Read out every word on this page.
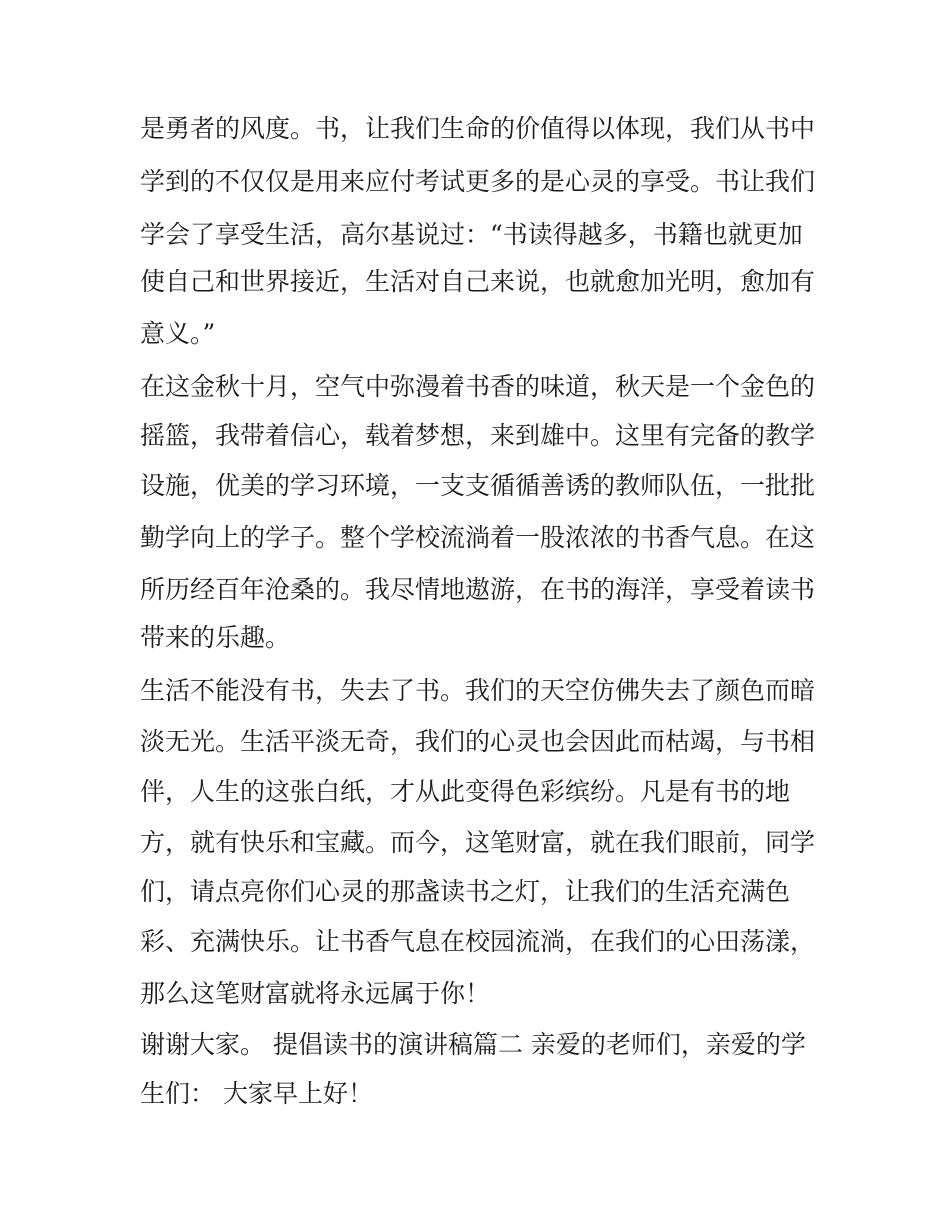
是勇者的风度。书，让我们生命的价值得以体现，我们从书中
学到的不仅仅是用来应付考试更多的是心灵的享受。书让我们
学会了享受生活，高尔基说过：“书读得越多，书籍也就更加
使自己和世界接近，生活对自己来说，也就愈加光明，愈加有
意义。”
在这金秋十月，空气中弥漫着书香的味道，秋天是一个金色的
摇篮，我带着信心，载着梦想，来到雄中。这里有完备的教学
设施，优美的学习环境，一支支循循善诱的教师队伍，一批批
勤学向上的学子。整个学校流淌着一股浓浓的书香气息。在这
所历经百年沧桑的。我尽情地遨游，在书的海洋，享受着读书
带来的乐趣。
生活不能没有书，失去了书。我们的天空仿佛失去了颜色而暗
淡无光。生活平淡无奇，我们的心灵也会因此而枯竭，与书相
伴，人生的这张白纸，才从此变得色彩缤纷。凡是有书的地
方，就有快乐和宝藏。而今，这笔财富，就在我们眼前，同学
们，请点亮你们心灵的那盏读书之灯，让我们的生活充满色
彩、充满快乐。让书香气息在校园流淌，在我们的心田荡漾，
那么这笔财富就将永远属于你！
谢谢大家。 提倡读书的演讲稿篇二 亲爱的老师们，亲爱的学
生们： 大家早上好！
